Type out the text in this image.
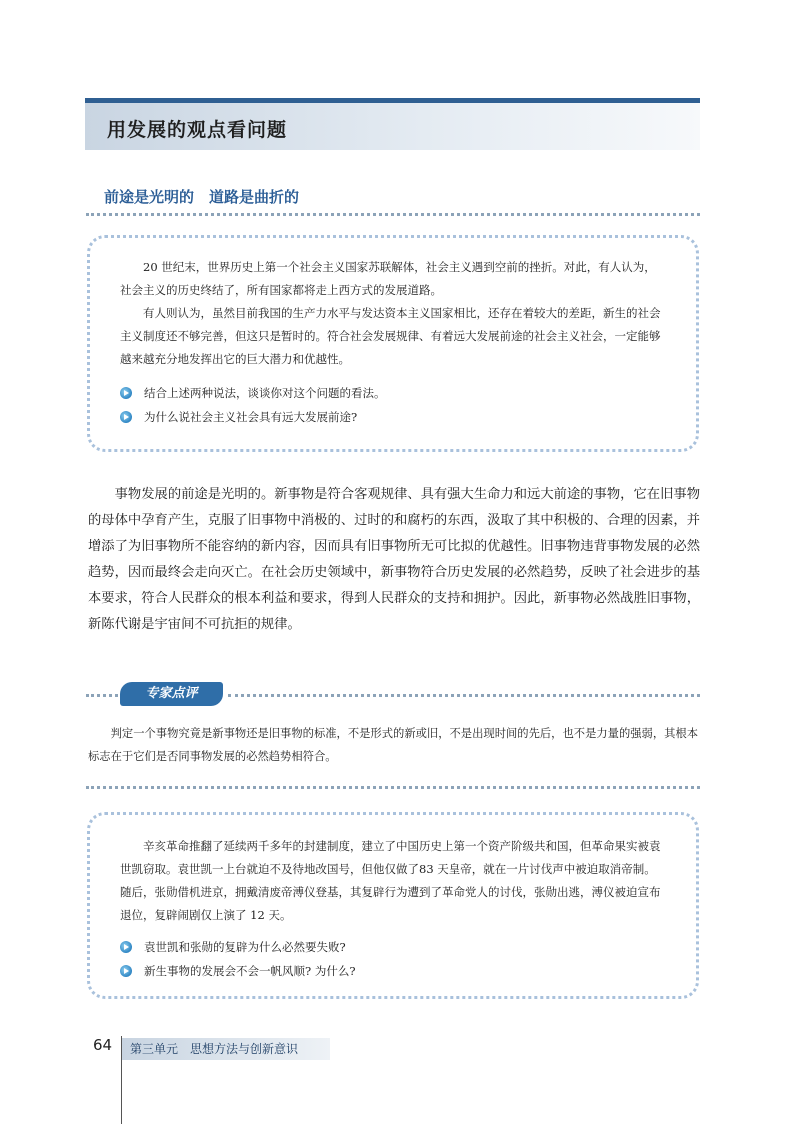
用发展的观点看问题
前途是光明的　道路是曲折的

20 世纪末，世界历史上第一个社会主义国家苏联解体，社会主义遇到空前的挫折。对此，有人认为，社会主义的历史终结了，所有国家都将走上西方式的发展道路。

有人则认为，虽然目前我国的生产力水平与发达资本主义国家相比，还存在着较大的差距，新生的社会主义制度还不够完善，但这只是暂时的。符合社会发展规律、有着远大发展前途的社会主义社会，一定能够越来越充分地发挥出它的巨大潜力和优越性。

结合上述两种说法，谈谈你对这个问题的看法。
为什么说社会主义社会具有远大发展前途?

事物发展的前途是光明的。新事物是符合客观规律、具有强大生命力和远大前途的事物，它在旧事物的母体中孕育产生，克服了旧事物中消极的、过时的和腐朽的东西，汲取了其中积极的、合理的因素，并增添了为旧事物所不能容纳的新内容，因而具有旧事物所无可比拟的优越性。旧事物违背事物发展的必然趋势，因而最终会走向灭亡。在社会历史领域中，新事物符合历史发展的必然趋势，反映了社会进步的基本要求，符合人民群众的根本利益和要求，得到人民群众的支持和拥护。因此，新事物必然战胜旧事物，新陈代谢是宇宙间不可抗拒的规律。

专家点评

判定一个事物究竟是新事物还是旧事物的标准，不是形式的新或旧，不是出现时间的先后，也不是力量的强弱，其根本标志在于它们是否同事物发展的必然趋势相符合。

辛亥革命推翻了延续两千多年的封建制度，建立了中国历史上第一个资产阶级共和国，但革命果实被袁世凯窃取。袁世凯一上台就迫不及待地改国号，但他仅做了83 天皇帝，就在一片讨伐声中被迫取消帝制。随后，张勋借机进京，拥戴清废帝溥仪登基，其复辟行为遭到了革命党人的讨伐，张勋出逃，溥仪被迫宣布退位，复辟闹剧仅上演了 12 天。

袁世凯和张勋的复辟为什么必然要失败?
新生事物的发展会不会一帆风顺? 为什么?
64	第三单元　思想方法与创新意识
